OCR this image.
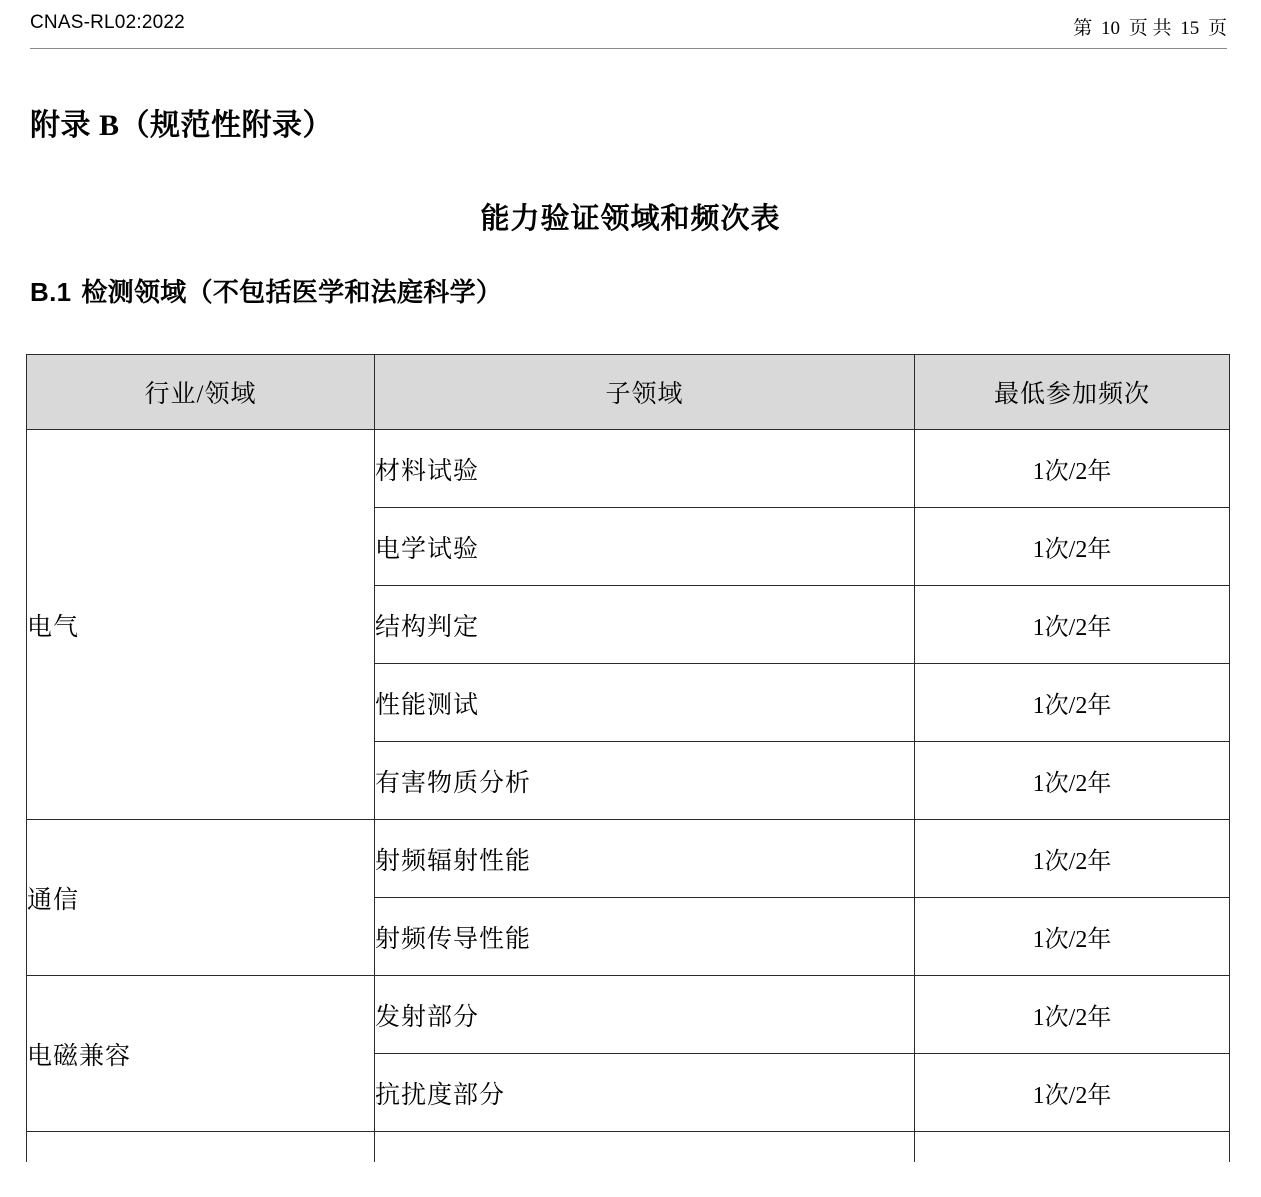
CNAS-RL02:2022	第 10 页 共 15 页
附录 B（规范性附录）
能力验证领域和频次表
B.1 检测领域（不包括医学和法庭科学）
行业/领域	子领域	最低参加频次
电气	材料试验	1次/2年
	电学试验	1次/2年
	结构判定	1次/2年
	性能测试	1次/2年
	有害物质分析	1次/2年
通信	射频辐射性能	1次/2年
	射频传导性能	1次/2年
电磁兼容	发射部分	1次/2年
	抗扰度部分	1次/2年
